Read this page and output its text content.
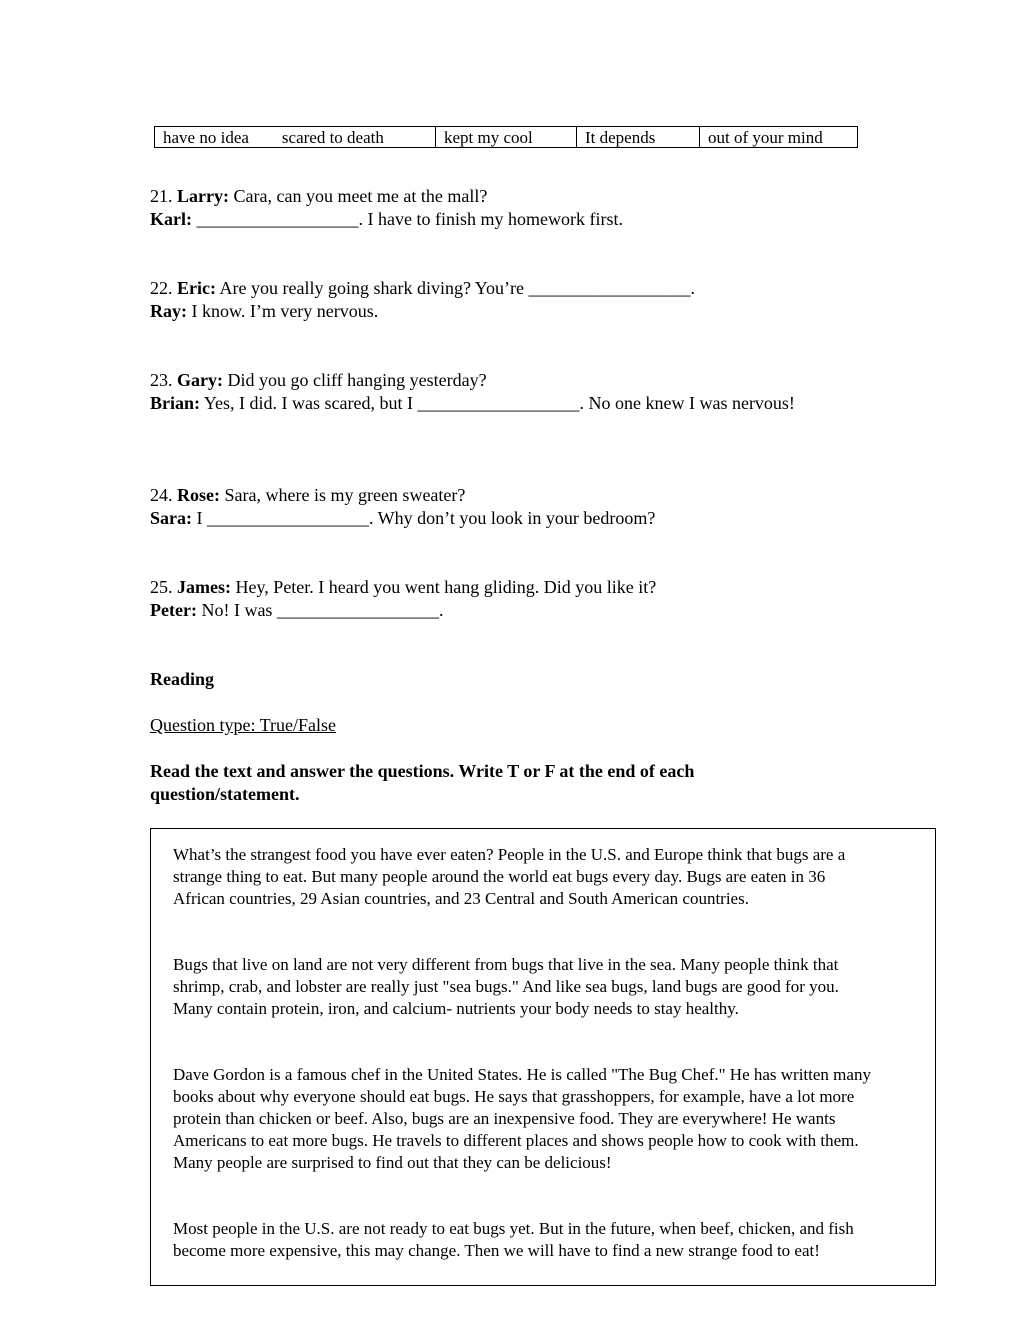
have no idea scared to death	kept my cool	It depends	out of your mind
21. Larry: Cara, can you meet me at the mall?
Karl: __________________. I have to finish my homework first.
22. Eric: Are you really going shark diving? You’re __________________.
Ray: I know. I’m very nervous.
23. Gary: Did you go cliff hanging yesterday?
Brian: Yes, I did. I was scared, but I __________________. No one knew I was nervous!
24. Rose: Sara, where is my green sweater?
Sara: I __________________. Why don’t you look in your bedroom?
25. James: Hey, Peter. I heard you went hang gliding. Did you like it?
Peter: No! I was __________________.
Reading
Question type: True/False
Read the text and answer the questions. Write T or F at the end of each question/statement.
What’s the strangest food you have ever eaten? People in the U.S. and Europe think that bugs are a strange thing to eat. But many people around the world eat bugs every day. Bugs are eaten in 36 African countries, 29 Asian countries, and 23 Central and South American countries.
Bugs that live on land are not very different from bugs that live in the sea. Many people think that shrimp, crab, and lobster are really just "sea bugs." And like sea bugs, land bugs are good for you. Many contain protein, iron, and calcium- nutrients your body needs to stay healthy.
Dave Gordon is a famous chef in the United States. He is called "The Bug Chef." He has written many books about why everyone should eat bugs. He says that grasshoppers, for example, have a lot more protein than chicken or beef. Also, bugs are an inexpensive food. They are everywhere! He wants Americans to eat more bugs. He travels to different places and shows people how to cook with them. Many people are surprised to find out that they can be delicious!
Most people in the U.S. are not ready to eat bugs yet. But in the future, when beef, chicken, and fish become more expensive, this may change. Then we will have to find a new strange food to eat!
